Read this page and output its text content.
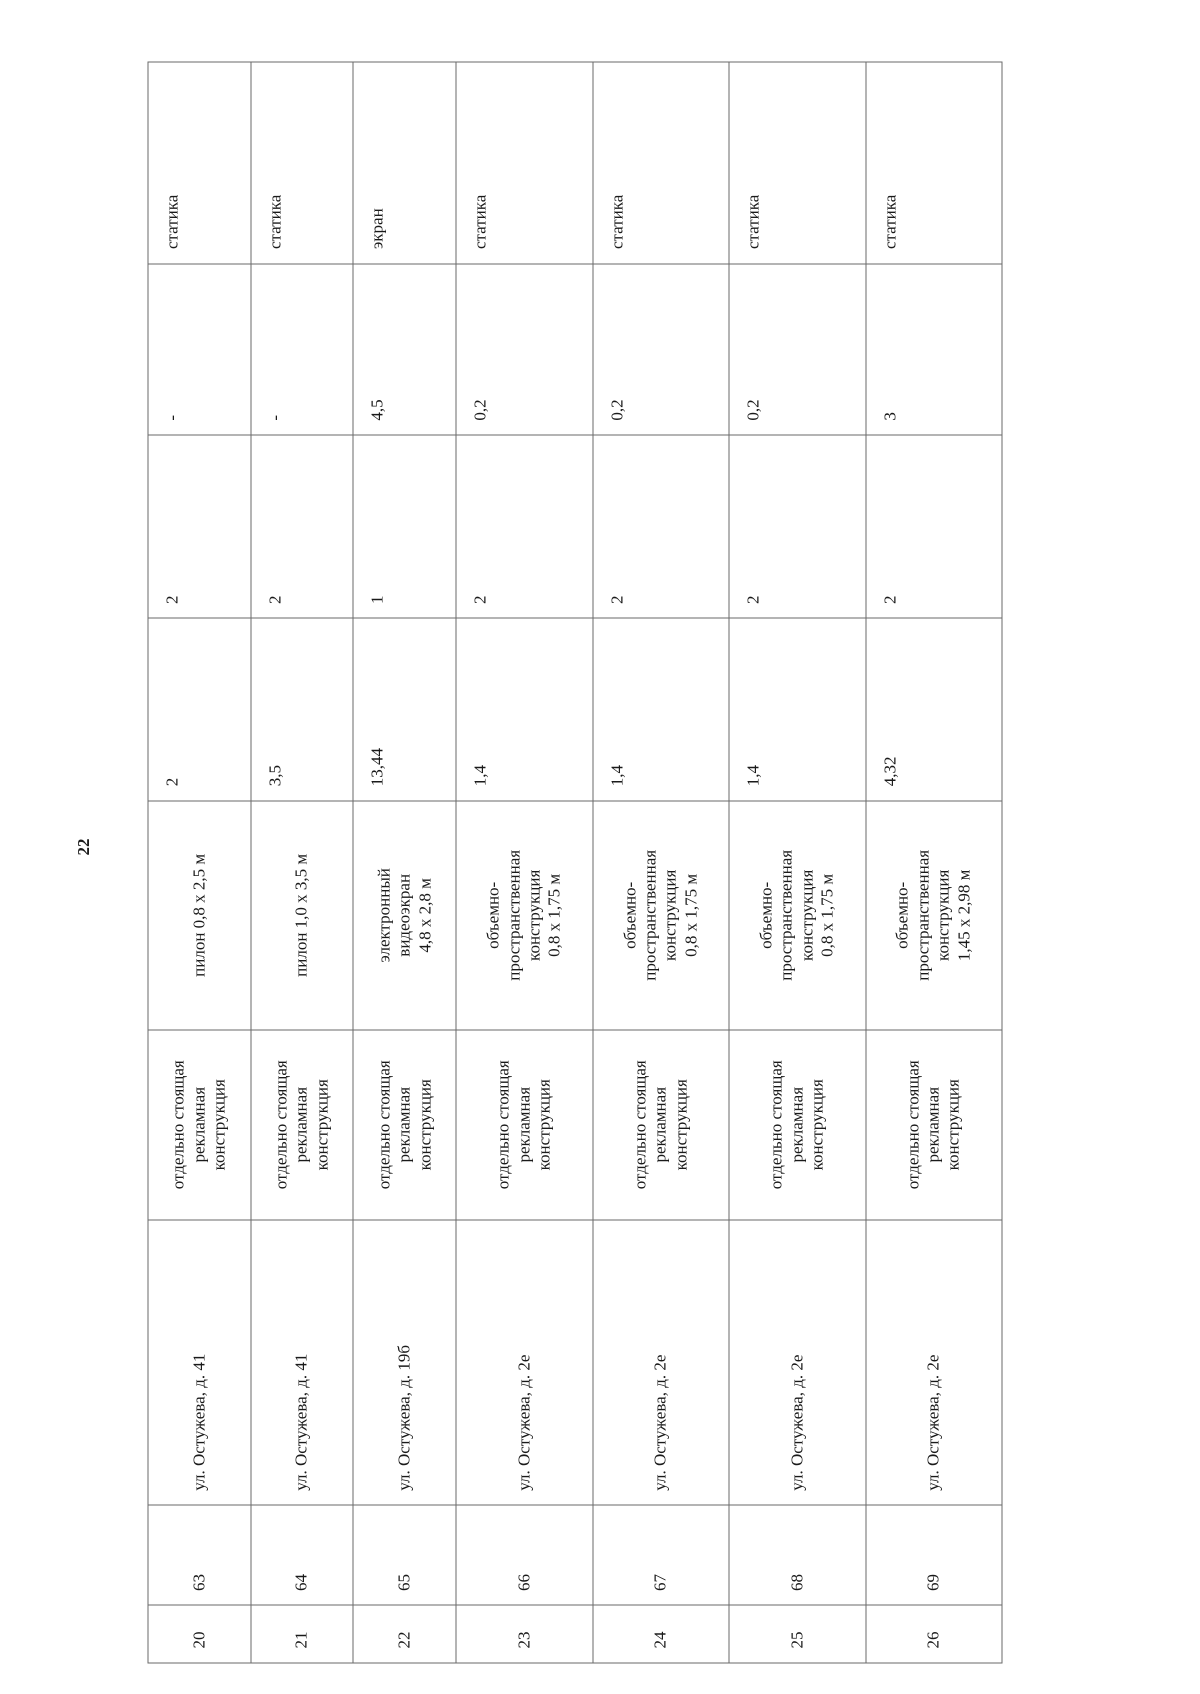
22
20	63	ул. Остужева, д. 41	отдельно стоящая
рекламная
конструкция	пилон 0,8 х 2,5 м	2	2	-	статика
21	64	ул. Остужева, д. 41	отдельно стоящая
рекламная
конструкция	пилон 1,0 х 3,5 м	3,5	2	-	статика
22	65	ул. Остужева, д. 19б	отдельно стоящая
рекламная
конструкция	электронный
видеоэкран
4,8 х 2,8 м	13,44	1	4,5	экран
23	66	ул. Остужева, д. 2е	отдельно стоящая
рекламная
конструкция	объемно-
пространственная
конструкция
0,8 х 1,75 м	1,4	2	0,2	статика
24	67	ул. Остужева, д. 2е	отдельно стоящая
рекламная
конструкция	объемно-
пространственная
конструкция
0,8 х 1,75 м	1,4	2	0,2	статика
25	68	ул. Остужева, д. 2е	отдельно стоящая
рекламная
конструкция	объемно-
пространственная
конструкция
0,8 х 1,75 м	1,4	2	0,2	статика
26	69	ул. Остужева, д. 2е	отдельно стоящая
рекламная
конструкция	объемно-
пространственная
конструкция
1,45 х 2,98 м	4,32	2	3	статика
